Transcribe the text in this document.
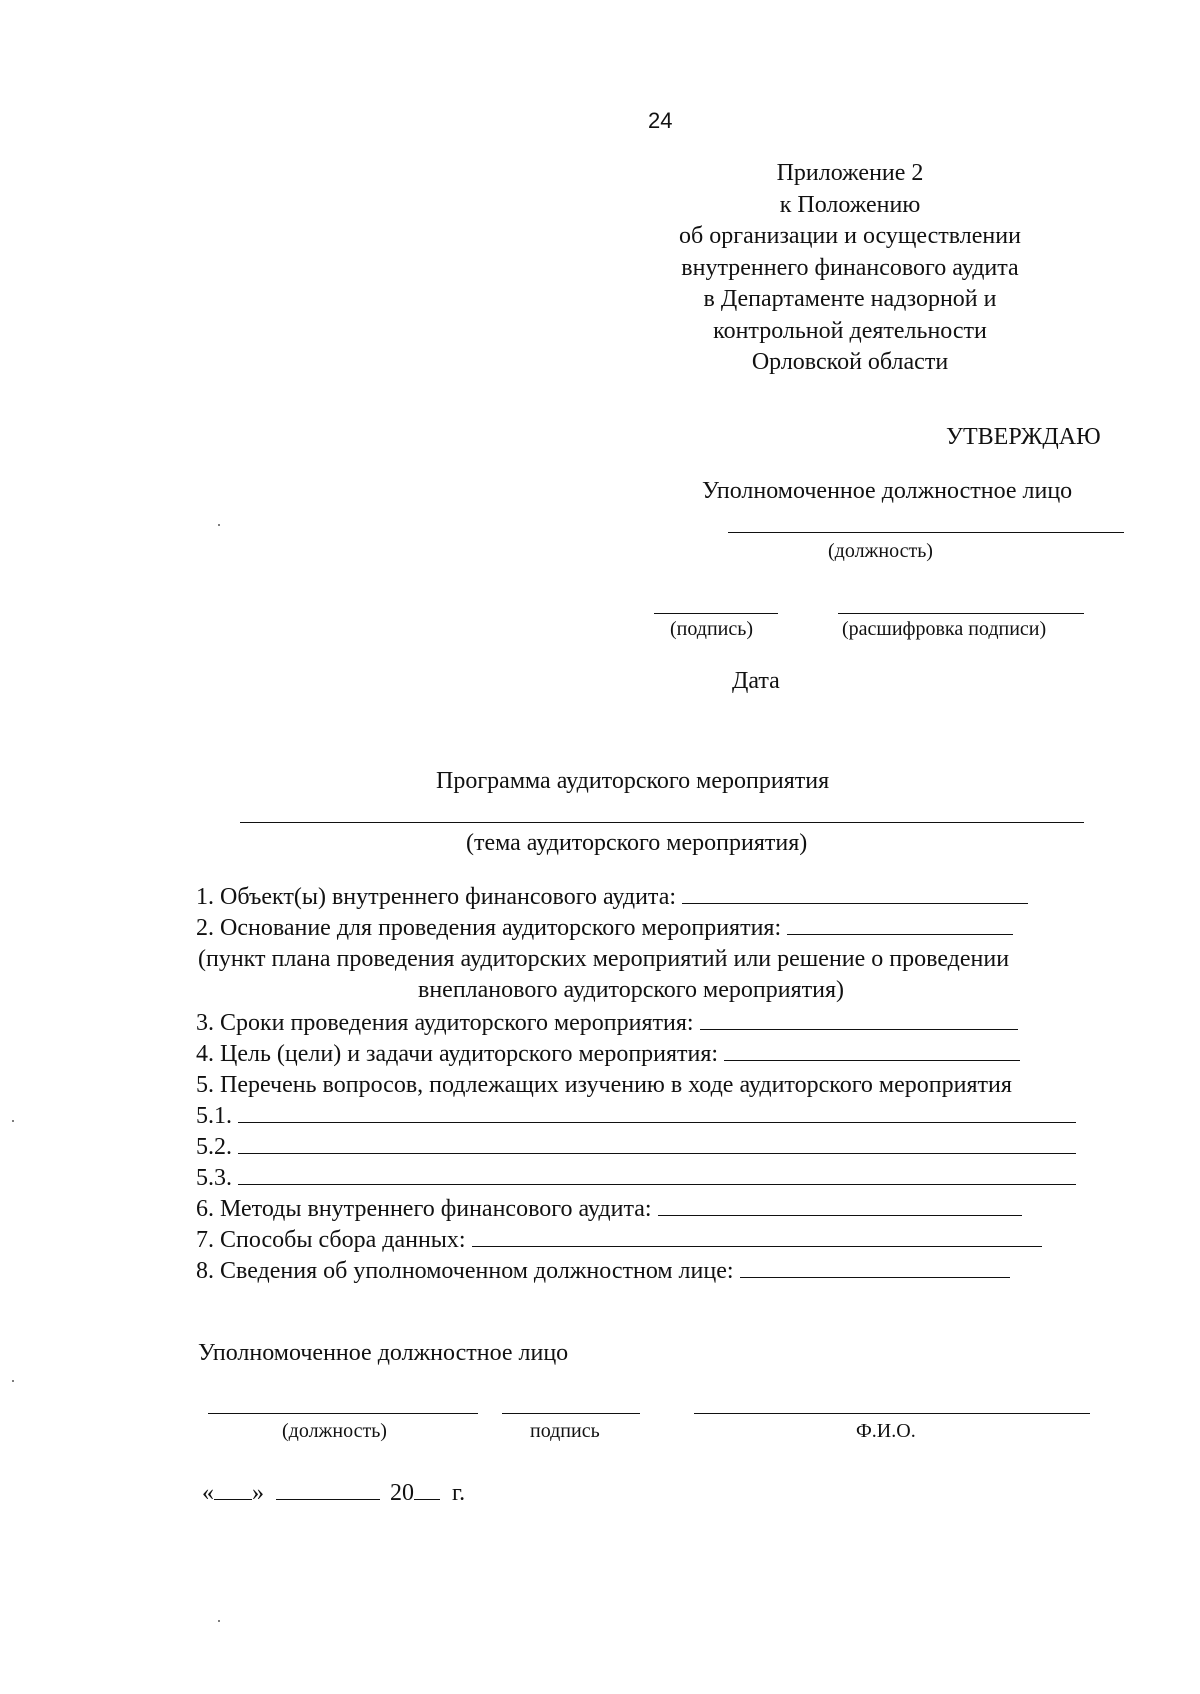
24
Приложение 2
к Положению
об организации и осуществлении
внутреннего финансового аудита
в Департаменте надзорной и
контрольной деятельности
Орловской области
УТВЕРЖДАЮ
Уполномоченное должностное лицо
(должность)
(подпись)	(расшифровка подписи)
Дата
Программа аудиторского мероприятия
(тема аудиторского мероприятия)
1. Объект(ы) внутреннего финансового аудита:
2. Основание для проведения аудиторского мероприятия:
(пункт плана проведения аудиторских мероприятий или решение о проведении
внепланового аудиторского мероприятия)
3. Сроки проведения аудиторского мероприятия:
4. Цель (цели) и задачи аудиторского мероприятия:
5. Перечень вопросов, подлежащих изучению в ходе аудиторского мероприятия
5.1.
5.2.
5.3.
6. Методы внутреннего финансового аудита:
7. Способы сбора данных:
8. Сведения об уполномоченном должностном лице:
Уполномоченное должностное лицо
(должность)	подпись	Ф.И.О.
« »	20 г.
